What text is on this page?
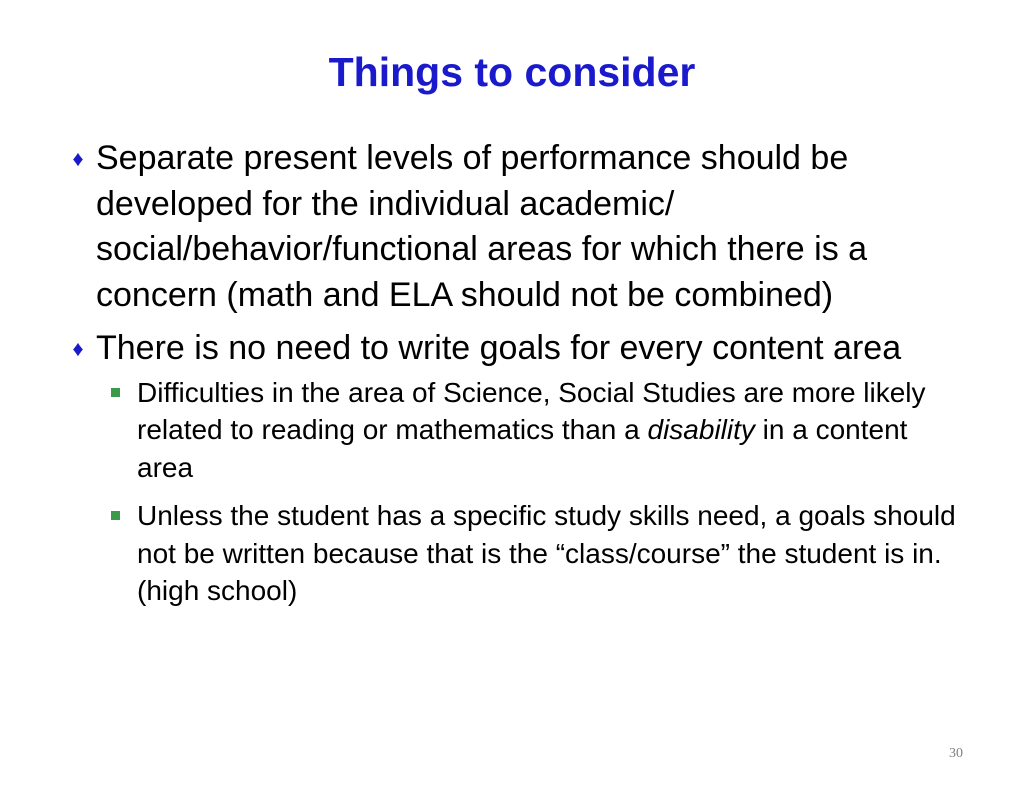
Things to consider
♦ Separate present levels of performance should be developed for the individual academic/ social/behavior/functional areas for which there is a concern (math and ELA should not be combined)
♦ There is no need to write goals for every content area
Difficulties in the area of Science, Social Studies are more likely related to reading or mathematics than a disability in a content area
Unless the student has a specific study skills need, a goals should not be written because that is the “class/course” the student is in. (high school)
30
